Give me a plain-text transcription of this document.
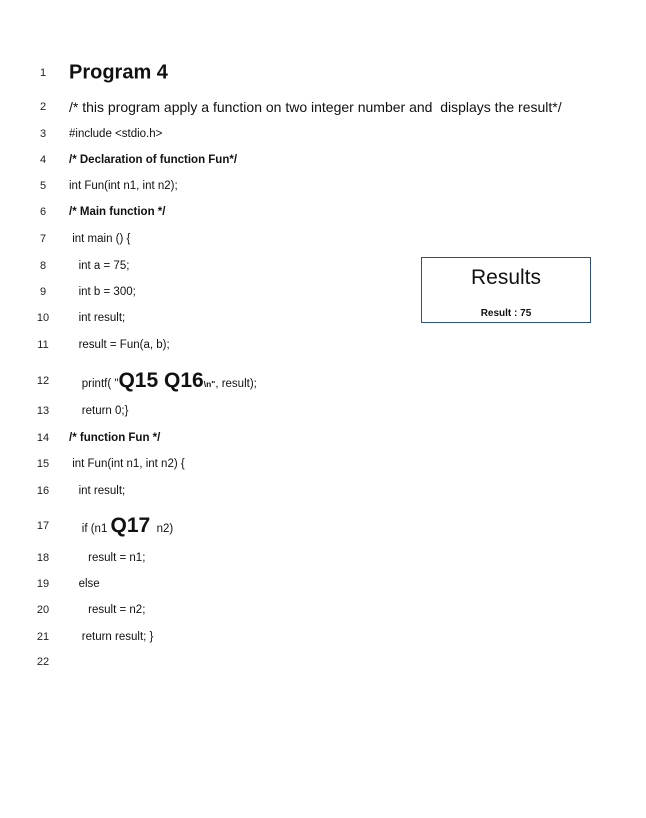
1	Program 4
2	/* this program apply a function on two integer number and  displays the result*/
3	#include <stdio.h>
4	/* Declaration of function Fun*/
5	int Fun(int n1, int n2);
6	/* Main function */
7	int main () {
8	int a = 75;
9	int b = 300;
10	int result;
11	result = Fun(a, b);
12	printf( "Q15 Q16\n", result);
13	return 0;}
14	/* function Fun */
15	int Fun(int n1, int n2) {
16	int result;
17	if (n1 Q17  n2)
18	result = n1;
19	else
20	result = n2;
21	return result; }
22
Results
Result : 75
